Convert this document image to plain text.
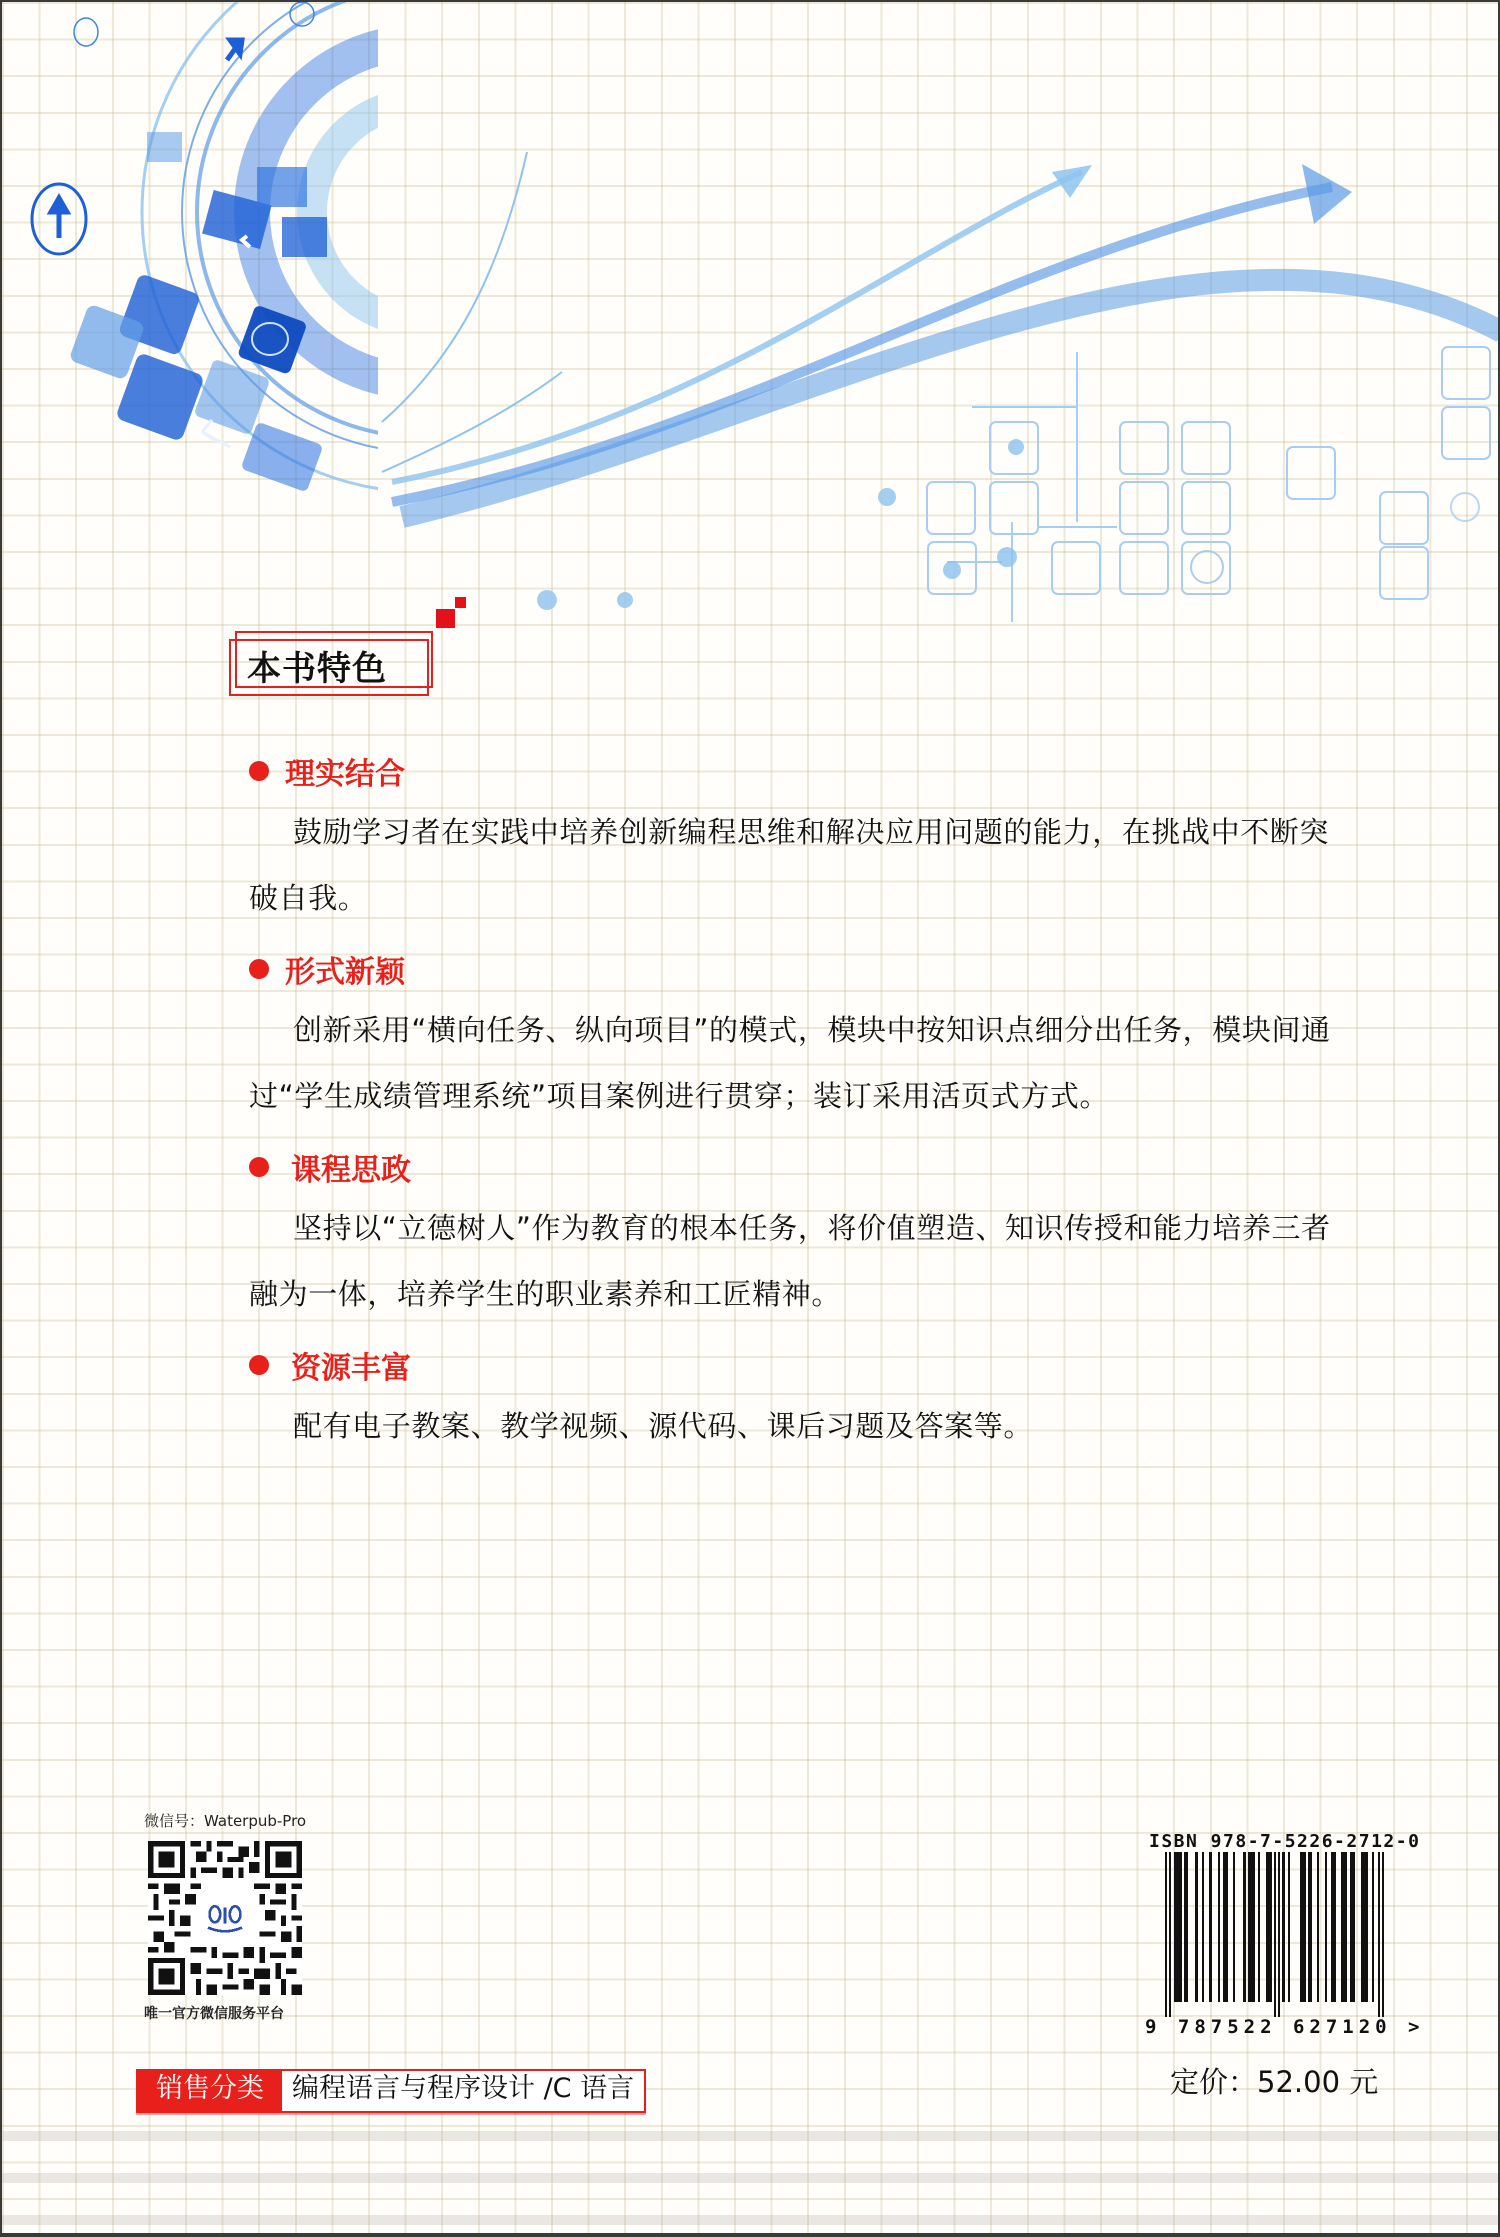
本书特色
理实结合
鼓励学习者在实践中培养创新编程思维和解决应用问题的能力，在挑战中不断突破自我。
形式新颖
创新采用“横向任务、纵向项目”的模式，模块中按知识点细分出任务，模块间通过“学生成绩管理系统”项目案例进行贯穿；装订采用活页式方式。
课程思政
坚持以“立德树人”作为教育的根本任务，将价值塑造、知识传授和能力培养三者融为一体，培养学生的职业素养和工匠精神。
资源丰富
配有电子教案、教学视频、源代码、课后习题及答案等。
微信号：Waterpub-Pro
唯一官方微信服务平台
销售分类	编程语言与程序设计 /C 语言
ISBN 978-7-5226-2712-0
9 787522 627120 >
定价：52.00 元
